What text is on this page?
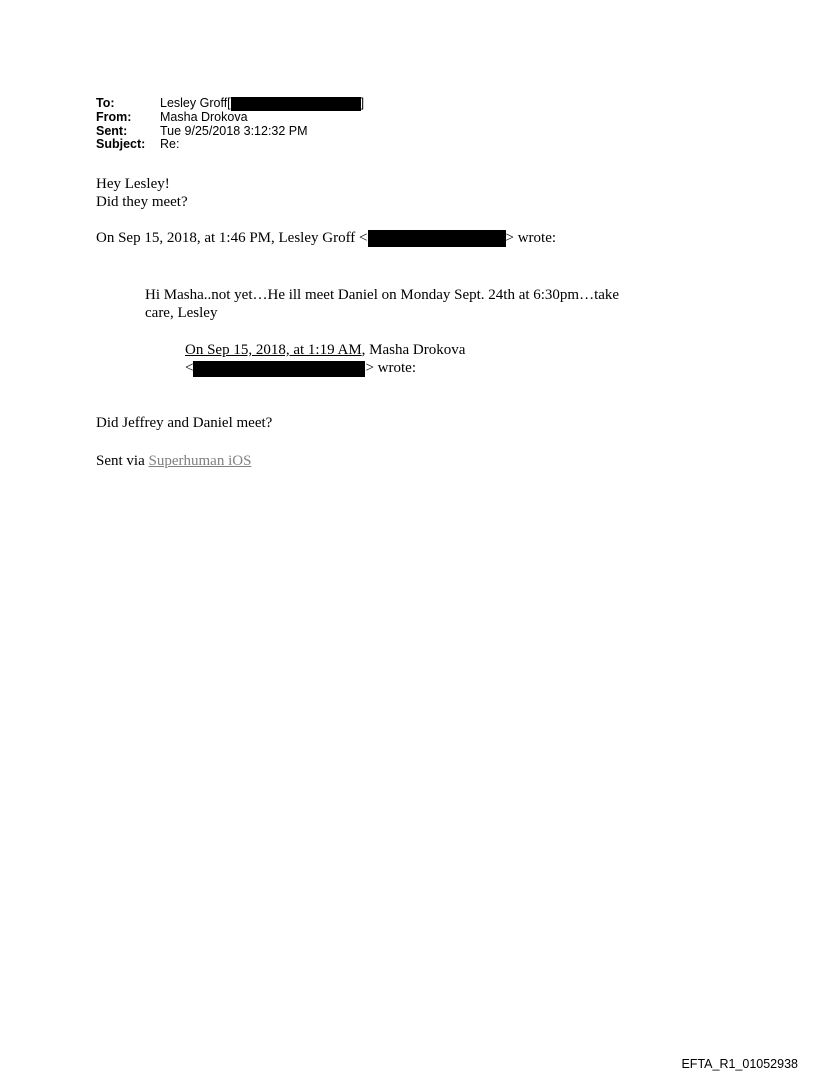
To:	Lesley Groff[	]
From:	Masha Drokova
Sent:	Tue 9/25/2018 3:12:32 PM
Subject:	Re:
Hey Lesley!
Did they meet?
On Sep 15, 2018, at 1:46 PM, Lesley Groff <	> wrote:
Hi Masha..not yet…He ill meet Daniel on Monday Sept. 24th at 6:30pm…take
care, Lesley
On Sep 15, 2018, at 1:19 AM, Masha Drokova
<	> wrote:
Did Jeffrey and Daniel meet?
Sent via Superhuman iOS
EFTA_R1_01052938
